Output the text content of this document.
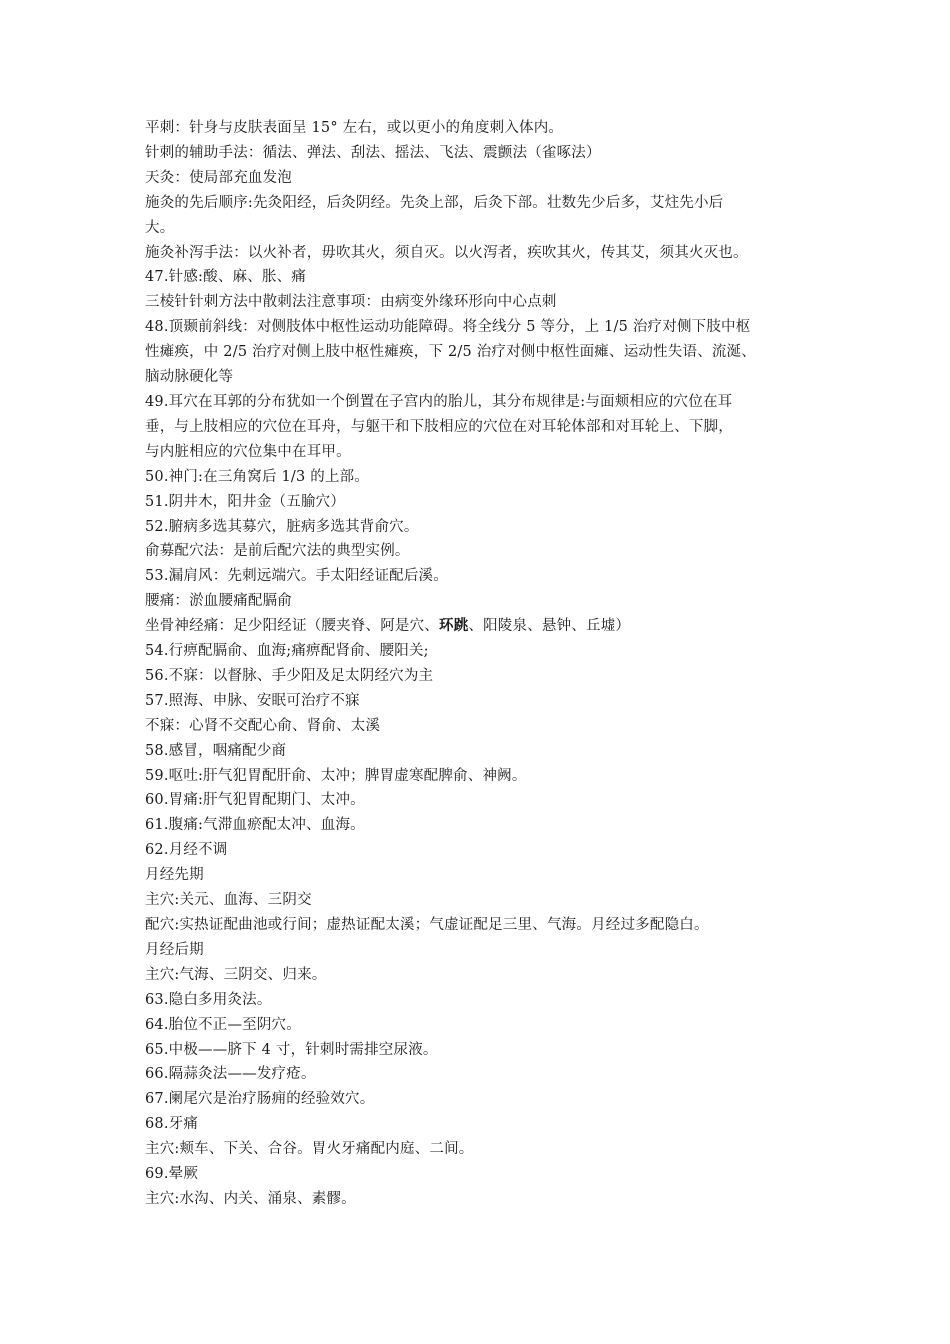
平刺：针身与皮肤表面呈 15° 左右，或以更小的角度刺入体内。

针刺的辅助手法：循法、弹法、刮法、摇法、飞法、震颤法（雀啄法）

天灸：使局部充血发泡

施灸的先后顺序:先灸阳经，后灸阴经。先灸上部，后灸下部。壮数先少后多，艾炷先小后

大。

施灸补泻手法：以火补者，毋吹其火，须自灭。以火泻者，疾吹其火，传其艾，须其火灭也。

47.针感:酸、麻、胀、痛

三棱针针刺方法中散刺法注意事项：由病变外缘环形向中心点刺

48.顶颞前斜线：对侧肢体中枢性运动功能障碍。将全线分 5 等分，上 1/5 治疗对侧下肢中枢

性瘫痪，中 2/5 治疗对侧上肢中枢性瘫痪，下 2/5 治疗对侧中枢性面瘫、运动性失语、流涎、

脑动脉硬化等

49.耳穴在耳郭的分布犹如一个倒置在子宫内的胎儿，其分布规律是:与面颊相应的穴位在耳

垂，与上肢相应的穴位在耳舟，与躯干和下肢相应的穴位在对耳轮体部和对耳轮上、下脚，

与内脏相应的穴位集中在耳甲。

50.神门:在三角窝后 1/3 的上部。

51.阴井木，阳井金（五腧穴）

52.腑病多选其募穴，脏病多选其背俞穴。

俞募配穴法：是前后配穴法的典型实例。

53.漏肩风：先刺远端穴。手太阳经证配后溪。

腰痛：淤血腰痛配膈俞

坐骨神经痛：足少阳经证（腰夹脊、阿是穴、环跳、阳陵泉、悬钟、丘墟）

54.行痹配膈俞、血海;痛痹配肾俞、腰阳关;

56.不寐：以督脉、手少阳及足太阴经穴为主

57.照海、申脉、安眠可治疗不寐

不寐：心肾不交配心俞、肾俞、太溪

58.感冒，咽痛配少商

59.呕吐:肝气犯胃配肝俞、太冲；脾胃虚寒配脾俞、神阙。

60.胃痛:肝气犯胃配期门、太冲。

61.腹痛:气滞血瘀配太冲、血海。

62.月经不调

月经先期

主穴:关元、血海、三阴交

配穴:实热证配曲池或行间；虚热证配太溪；气虚证配足三里、气海。月经过多配隐白。

月经后期

主穴:气海、三阴交、归来。

63.隐白多用灸法。

64.胎位不正—至阴穴。

65.中极——脐下 4 寸，针刺时需排空尿液。

66.隔蒜灸法——发疗疮。

67.阑尾穴是治疗肠痈的经验效穴。

68.牙痛

主穴:颊车、下关、合谷。胃火牙痛配内庭、二间。

69.晕厥

主穴:水沟、内关、涌泉、素髎。
